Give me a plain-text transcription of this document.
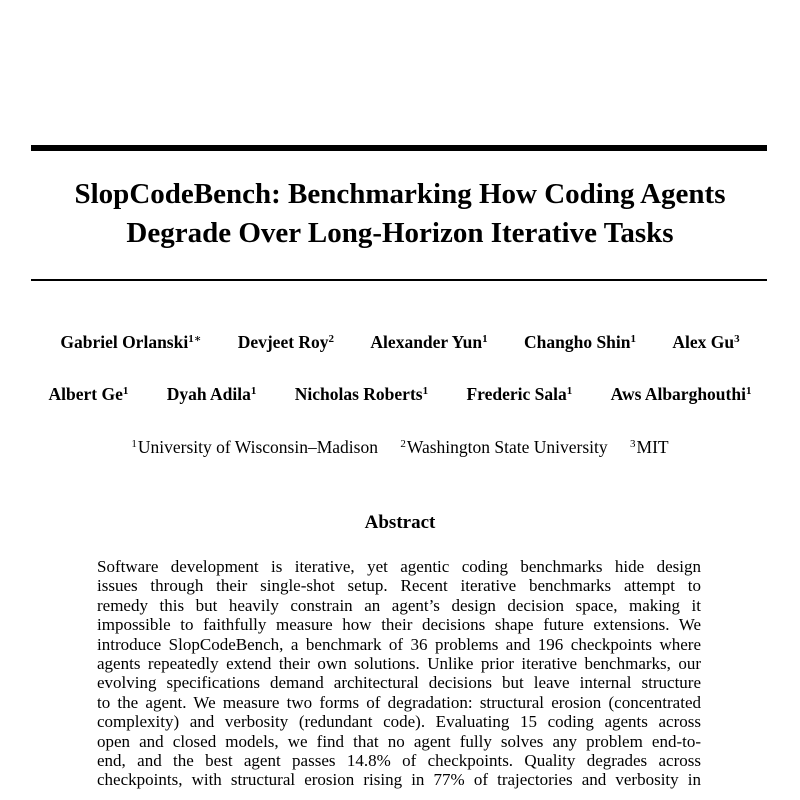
SlopCodeBench: Benchmarking How Coding Agents
Degrade Over Long-Horizon Iterative Tasks
Gabriel Orlanski$^{1∗}$ Devjeet Roy$^2$ Alexander Yun$^1$ Changho Shin$^1$ Alex Gu$^3$
Albert Ge$^1$ Dyah Adila$^1$ Nicholas Roberts$^1$ Frederic Sala$^1$ Aws Albarghouthi$^1$
$^1$University of Wisconsin–Madison $^2$Washington State University $^3$MIT
Abstract
Software development is iterative, yet agentic coding benchmarks hide design
issues through their single-shot setup. Recent iterative benchmarks attempt to
remedy this but heavily constrain an agent’s design decision space, making it
impossible to faithfully measure how their decisions shape future extensions. We
introduce SlopCodeBench, a benchmark of 36 problems and 196 checkpoints where
agents repeatedly extend their own solutions. Unlike prior iterative benchmarks, our
evolving specifications demand architectural decisions but leave internal structure
to the agent. We measure two forms of degradation: structural erosion (concentrated
complexity) and verbosity (redundant code). Evaluating 15 coding agents across
open and closed models, we find that no agent fully solves any problem end-to-
end, and the best agent passes 14.8% of checkpoints. Quality degrades across
checkpoints, with structural erosion rising in 77% of trajectories and verbosity in
